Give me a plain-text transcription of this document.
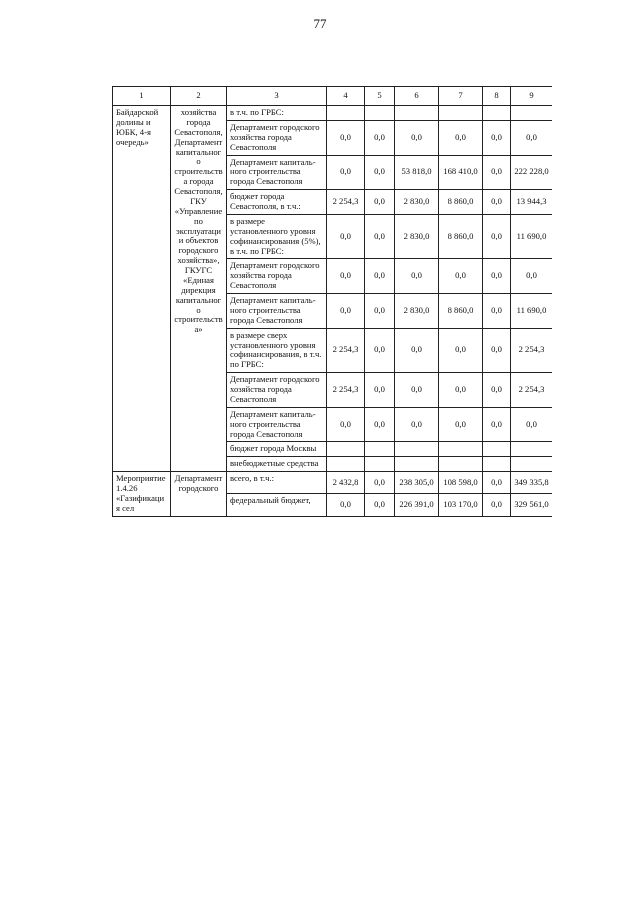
77
1	2	3	4	5	6	7	8	9
Байдарской долины и ЮБК, 4-я очередь»	хозяйства города Севастополя, Департамент капитального строительства города Севастополя, ГКУ «Управление по эксплуатации объектов городского хозяйства», ГКУГС «Единая дирекция капитального строительства»	в т.ч. по ГРБС:						
		Департамент городского хозяйства города Севастополя	0,0	0,0	0,0	0,0	0,0	0,0
		Департамент капитального строительства города Севастополя	0,0	0,0	53 818,0	168 410,0	0,0	222 228,0
		бюджет города Севастополя, в т.ч.:	2 254,3	0,0	2 830,0	8 860,0	0,0	13 944,3
		в размере установленного уровня софинансирования (5%), в т.ч. по ГРБС:	0,0	0,0	2 830,0	8 860,0	0,0	11 690,0
		Департамент городского хозяйства города Севастополя	0,0	0,0	0,0	0,0	0,0	0,0
		Департамент капитального строительства города Севастополя	0,0	0,0	2 830,0	8 860,0	0,0	11 690,0
		в размере сверх установленного уровня софинансирования, в т.ч. по ГРБС:	2 254,3	0,0	0,0	0,0	0,0	2 254,3
		Департамент городского хозяйства города Севастополя	2 254,3	0,0	0,0	0,0	0,0	2 254,3
		Департамент капитального строительства города Севастополя	0,0	0,0	0,0	0,0	0,0	0,0
		бюджет города Москвы						
		внебюджетные средства						
Мероприятие 1.4.26 «Газификация сел	Департамент городского	всего, в т.ч.:	2 432,8	0,0	238 305,0	108 598,0	0,0	349 335,8
		федеральный бюджет,	0,0	0,0	226 391,0	103 170,0	0,0	329 561,0
